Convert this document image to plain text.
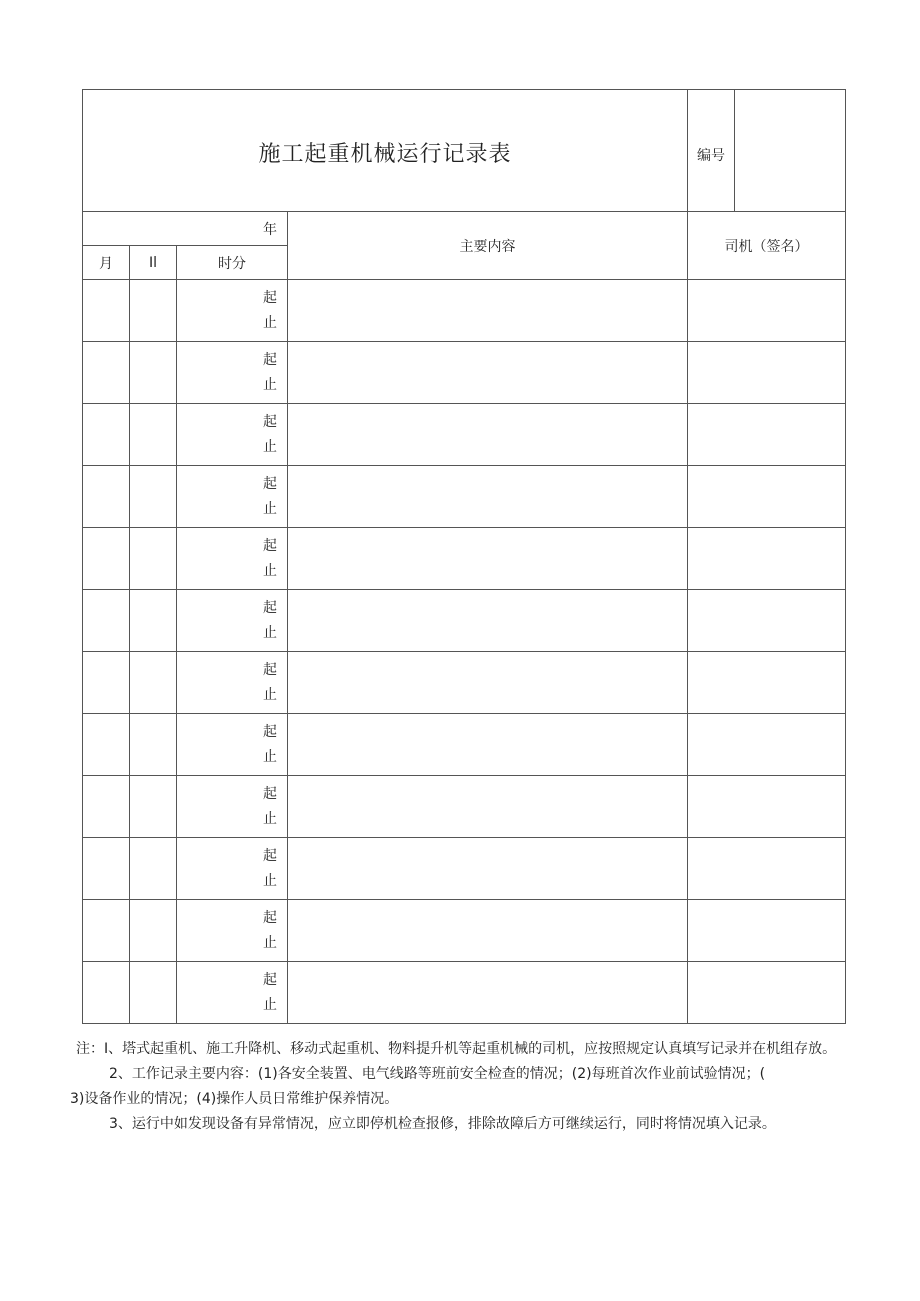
施工起重机械运行记录表				编号	

年			主要内容	司机（签名）	
月	Il	时分			

		起
止			

		起
止			

		起
止			

		起
止			

		起
止			

		起
止			

		起
止			

		起
止			

		起
止			

		起
止			

		起
止			

		起
止			

注：I、塔式起重机、施工升降机、移动式起重机、物料提升机等起重机械的司机，应按照规定认真填写记录并在机组存放。

2、工作记录主要内容：(1)各安全装置、电气线路等班前安全检查的情况；(2)每班首次作业前试验情况；(

3)设备作业的情况；(4)操作人员日常维护保养情况。

3、运行中如发现设备有异常情况，应立即停机检查报修，排除故障后方可继续运行，同时将情况填入记录。
